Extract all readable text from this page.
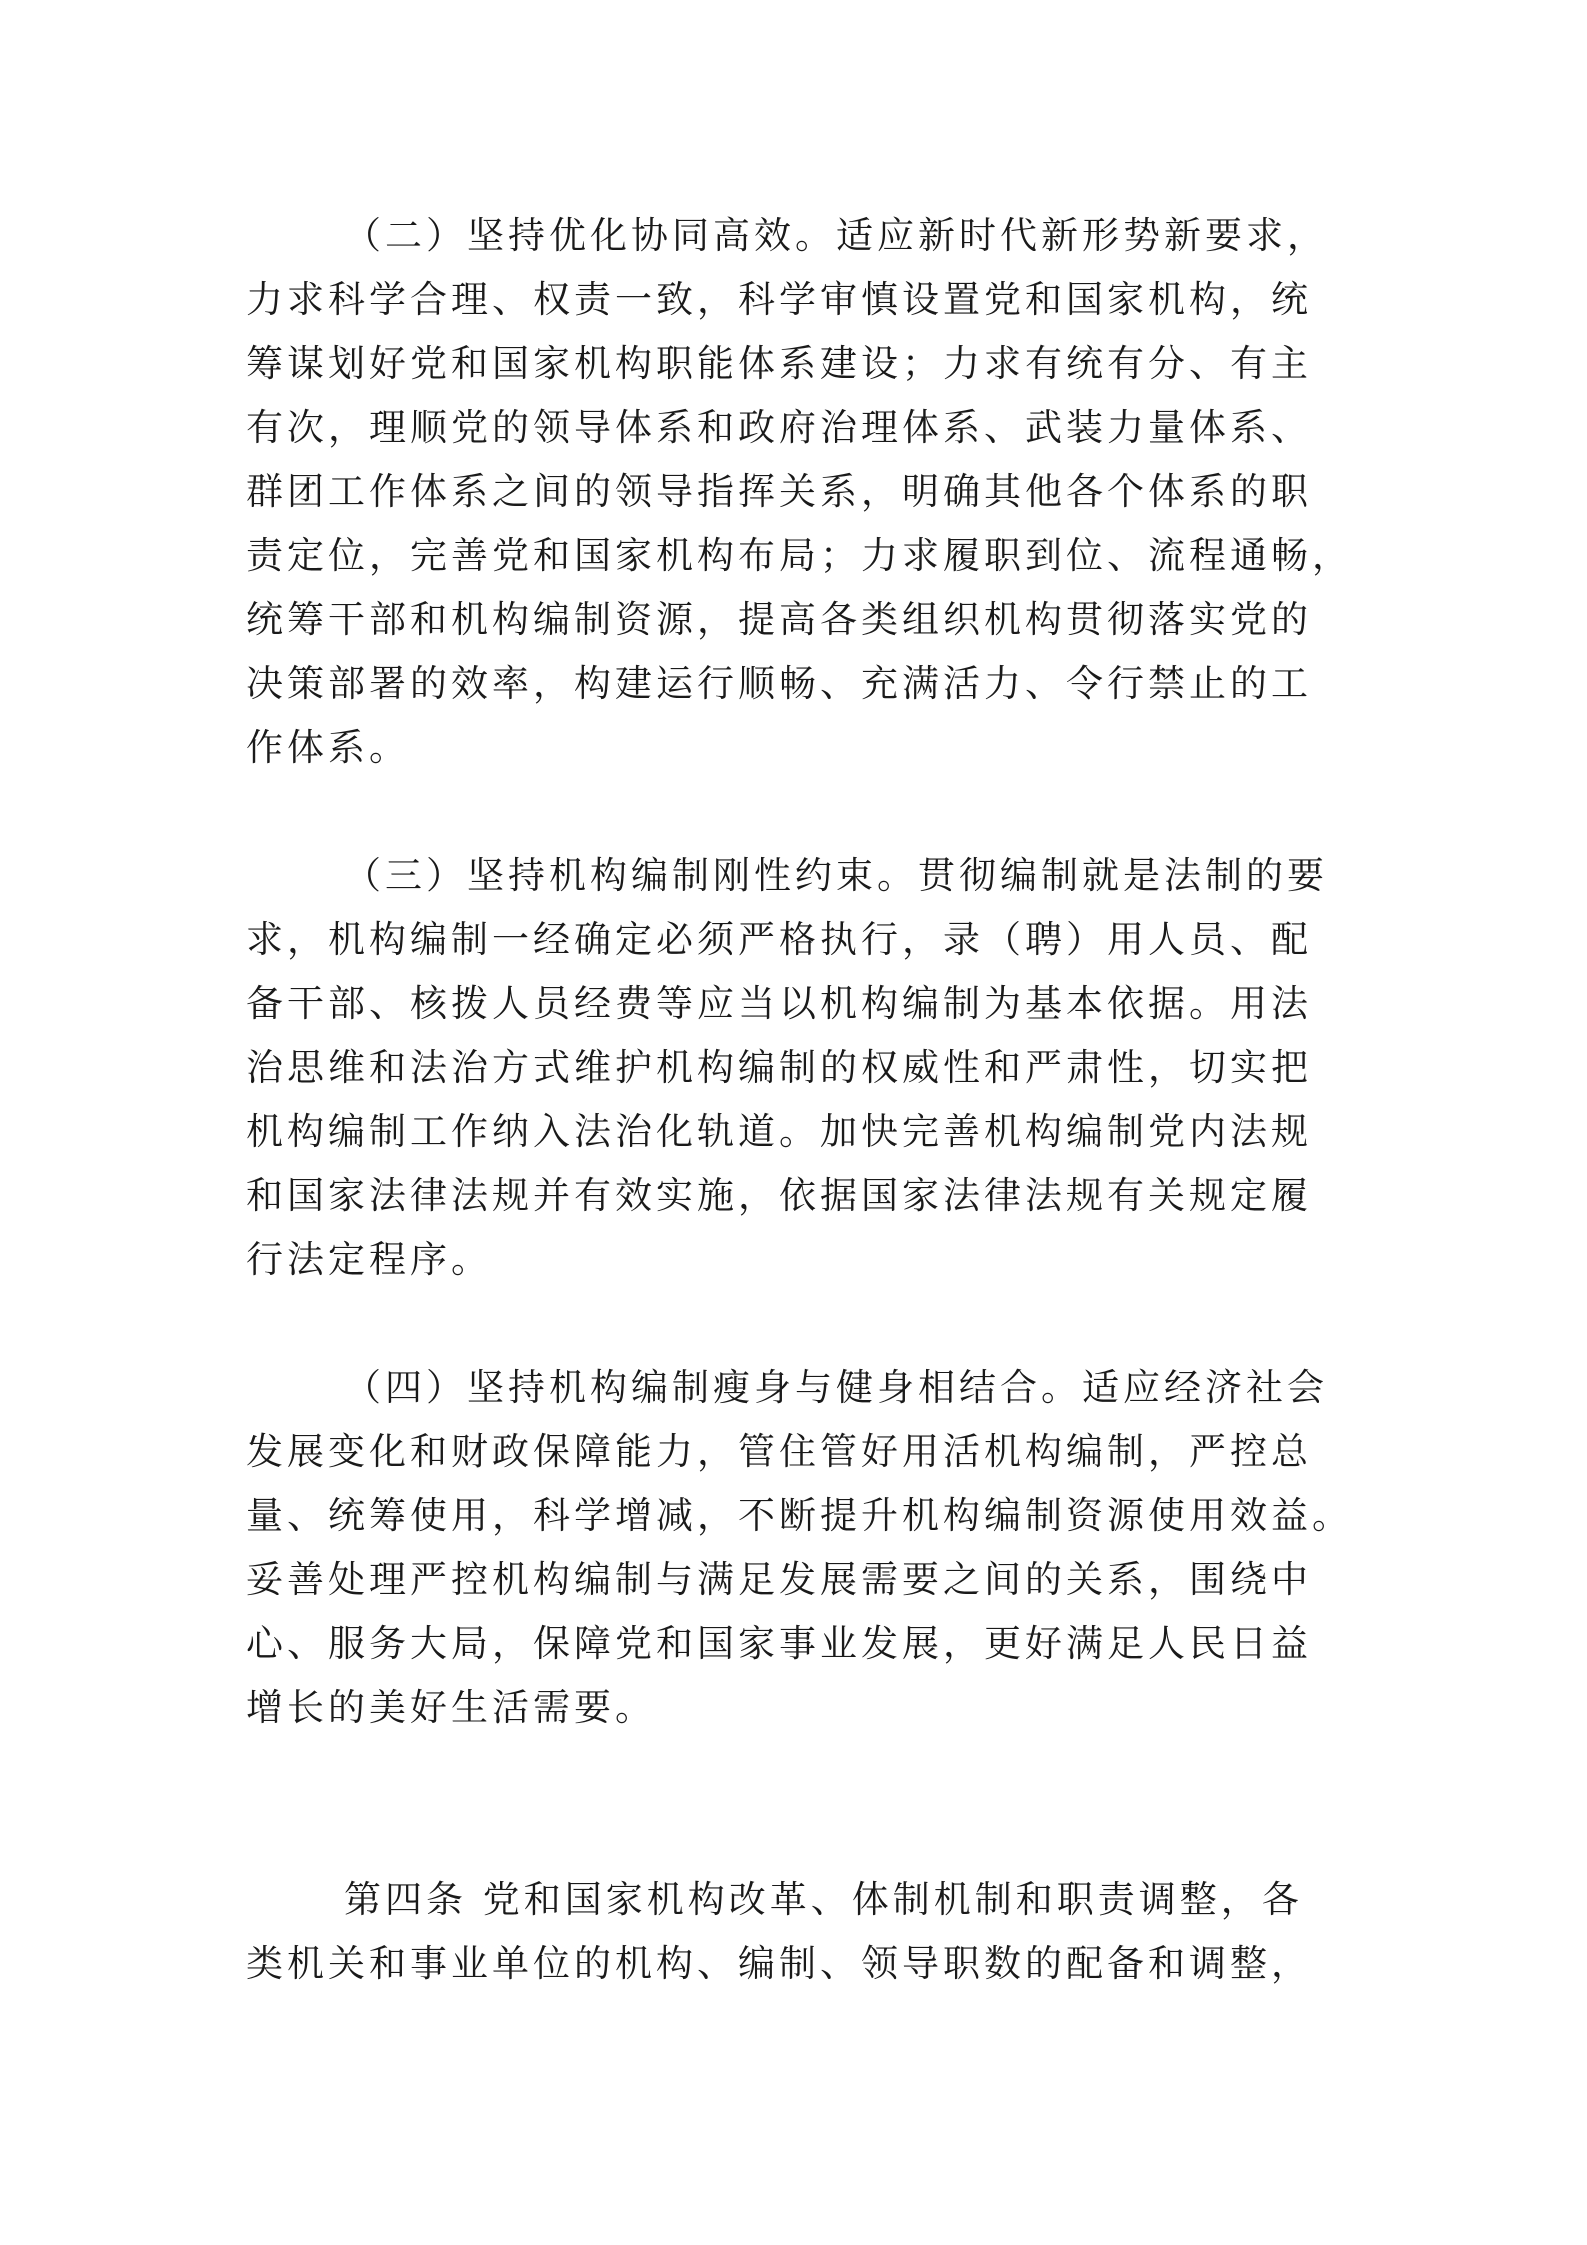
（二）坚持优化协同高效。适应新时代新形势新要求，
力求科学合理、权责一致，科学审慎设置党和国家机构，统
筹谋划好党和国家机构职能体系建设；力求有统有分、有主
有次，理顺党的领导体系和政府治理体系、武装力量体系、
群团工作体系之间的领导指挥关系，明确其他各个体系的职
责定位，完善党和国家机构布局；力求履职到位、流程通畅，
统筹干部和机构编制资源，提高各类组织机构贯彻落实党的
决策部署的效率，构建运行顺畅、充满活力、令行禁止的工
作体系。
（三）坚持机构编制刚性约束。贯彻编制就是法制的要
求，机构编制一经确定必须严格执行，录（聘）用人员、配
备干部、核拨人员经费等应当以机构编制为基本依据。用法
治思维和法治方式维护机构编制的权威性和严肃性，切实把
机构编制工作纳入法治化轨道。加快完善机构编制党内法规
和国家法律法规并有效实施，依据国家法律法规有关规定履
行法定程序。
（四）坚持机构编制瘦身与健身相结合。适应经济社会
发展变化和财政保障能力，管住管好用活机构编制，严控总
量、统筹使用，科学增减，不断提升机构编制资源使用效益。
妥善处理严控机构编制与满足发展需要之间的关系，围绕中
心、服务大局，保障党和国家事业发展，更好满足人民日益
增长的美好生活需要。
第四条 党和国家机构改革、体制机制和职责调整，各
类机关和事业单位的机构、编制、领导职数的配备和调整，
